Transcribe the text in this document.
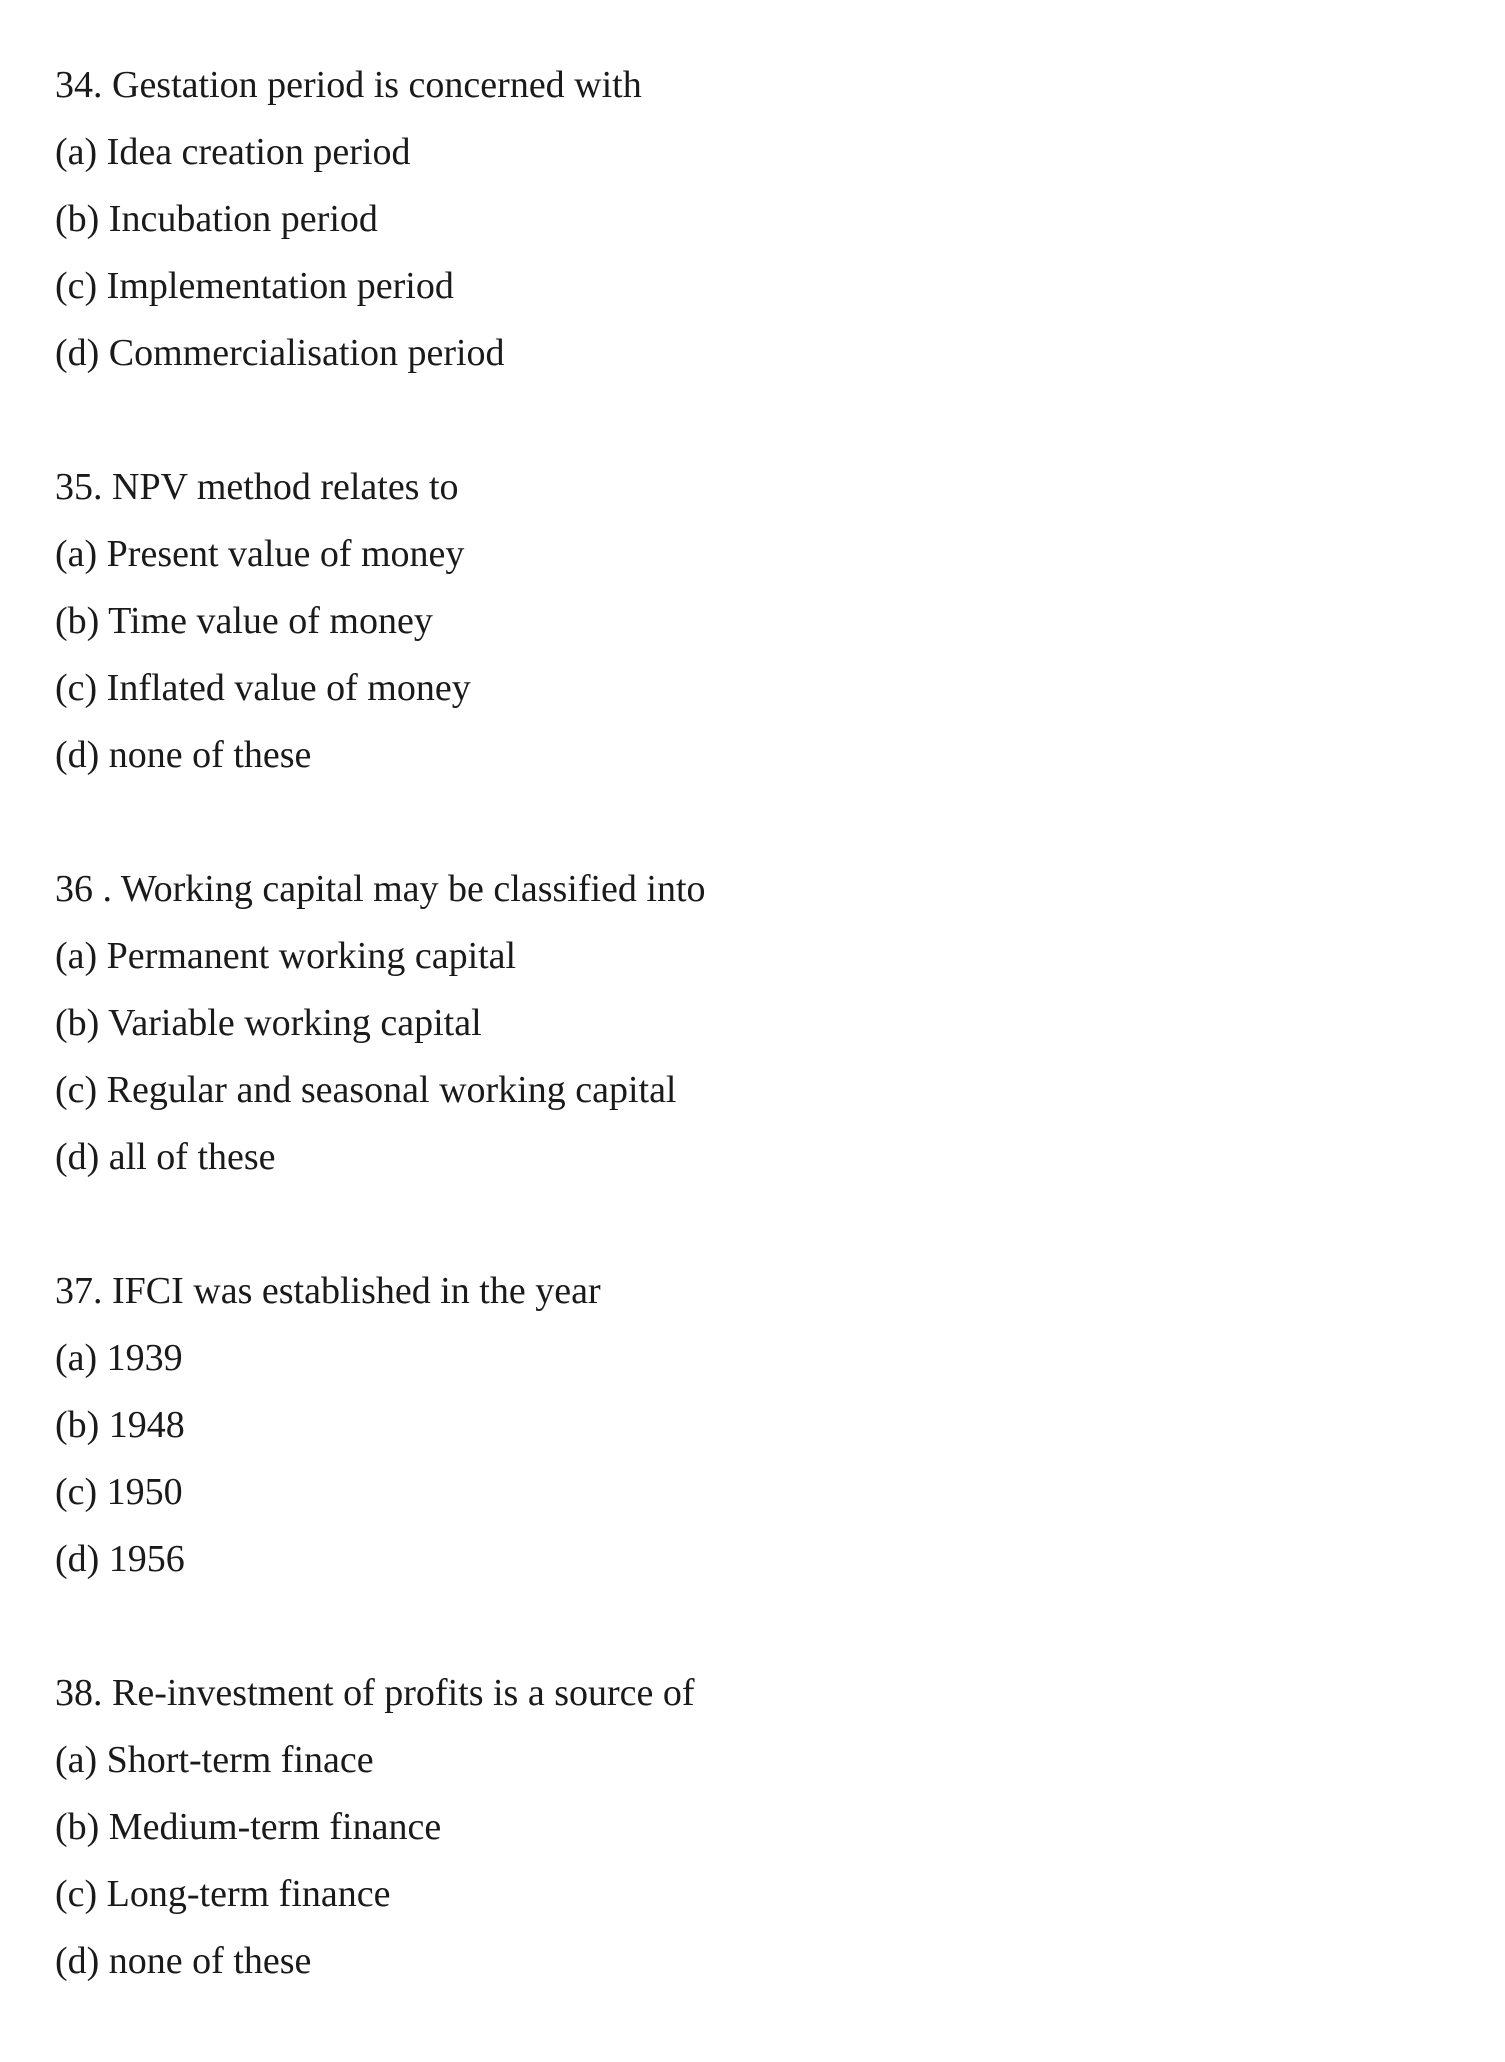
34. Gestation period is concerned with
(a) Idea creation period
(b) Incubation period
(c) Implementation period
(d) Commercialisation period
35. NPV method relates to
(a) Present value of money
(b) Time value of money
(c) Inflated value of money
(d) none of these
36 . Working capital may be classified into
(a) Permanent working capital
(b) Variable working capital
(c) Regular and seasonal working capital
(d) all of these
37. IFCI was established in the year
(a) 1939
(b) 1948
(c) 1950
(d) 1956
38. Re-investment of profits is a source of
(a) Short-term finace
(b) Medium-term finance
(c) Long-term finance
(d) none of these
